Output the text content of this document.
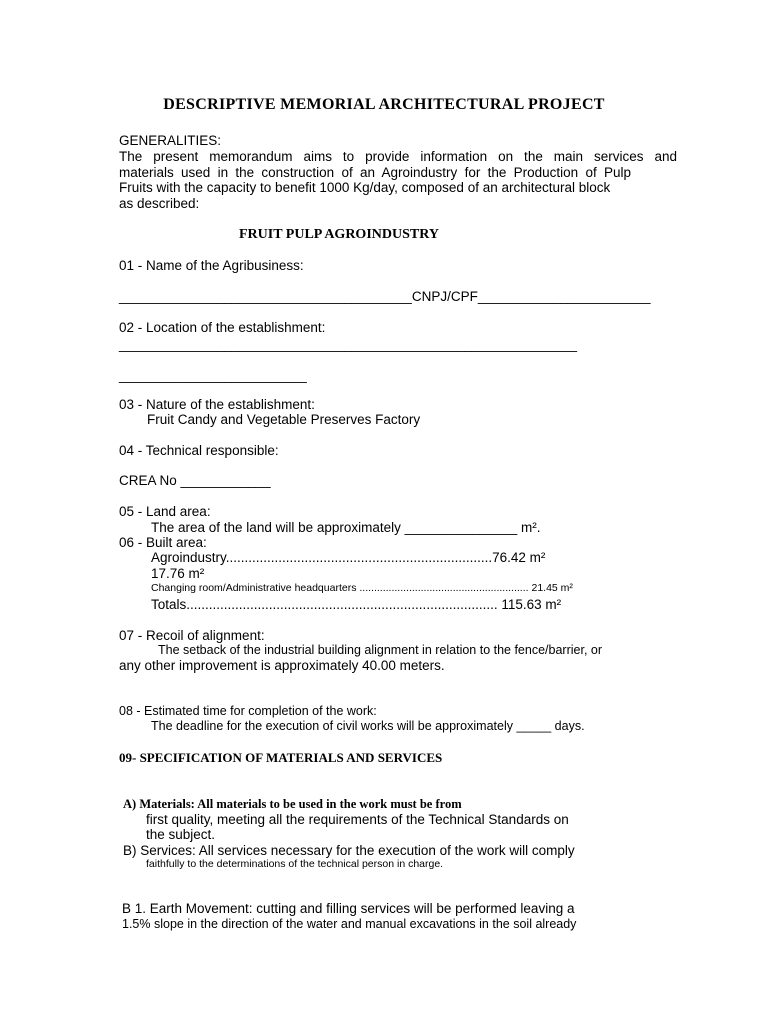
DESCRIPTIVE MEMORIAL ARCHITECTURAL PROJECT
GENERALITIES:
The present memorandum aims to provide information on the main services and
materials used in the construction of an Agroindustry for the Production of Pulp
Fruits with the capacity to benefit 1000 Kg/day, composed of an architectural block
as described:
FRUIT PULP AGROINDUSTRY
01 - Name of the Agribusiness:
_______________________________________CNPJ/CPF_______________________
02 - Location of the establishment:
_____________________________________________________________
_________________________
03 - Nature of the establishment:
Fruit Candy and Vegetable Preserves Factory
04 - Technical responsible:
CREA No ____________
05 - Land area:
The area of the land will be approximately _______________ m².
06 - Built area:
Agroindustry.......................................................................76.42 m²
17.76 m²
Changing room/Administrative headquarters .......................................................... 21.45 m²
Totals................................................................................... 115.63 m²
07 - Recoil of alignment:
The setback of the industrial building alignment in relation to the fence/barrier, or
any other improvement is approximately 40.00 meters.
08 - Estimated time for completion of the work:
The deadline for the execution of civil works will be approximately _____ days.
09- SPECIFICATION OF MATERIALS AND SERVICES
A) Materials: All materials to be used in the work must be from
first quality, meeting all the requirements of the Technical Standards on
the subject.
B) Services: All services necessary for the execution of the work will comply
faithfully to the determinations of the technical person in charge.
B 1. Earth Movement: cutting and filling services will be performed leaving a
1.5% slope in the direction of the water and manual excavations in the soil already
